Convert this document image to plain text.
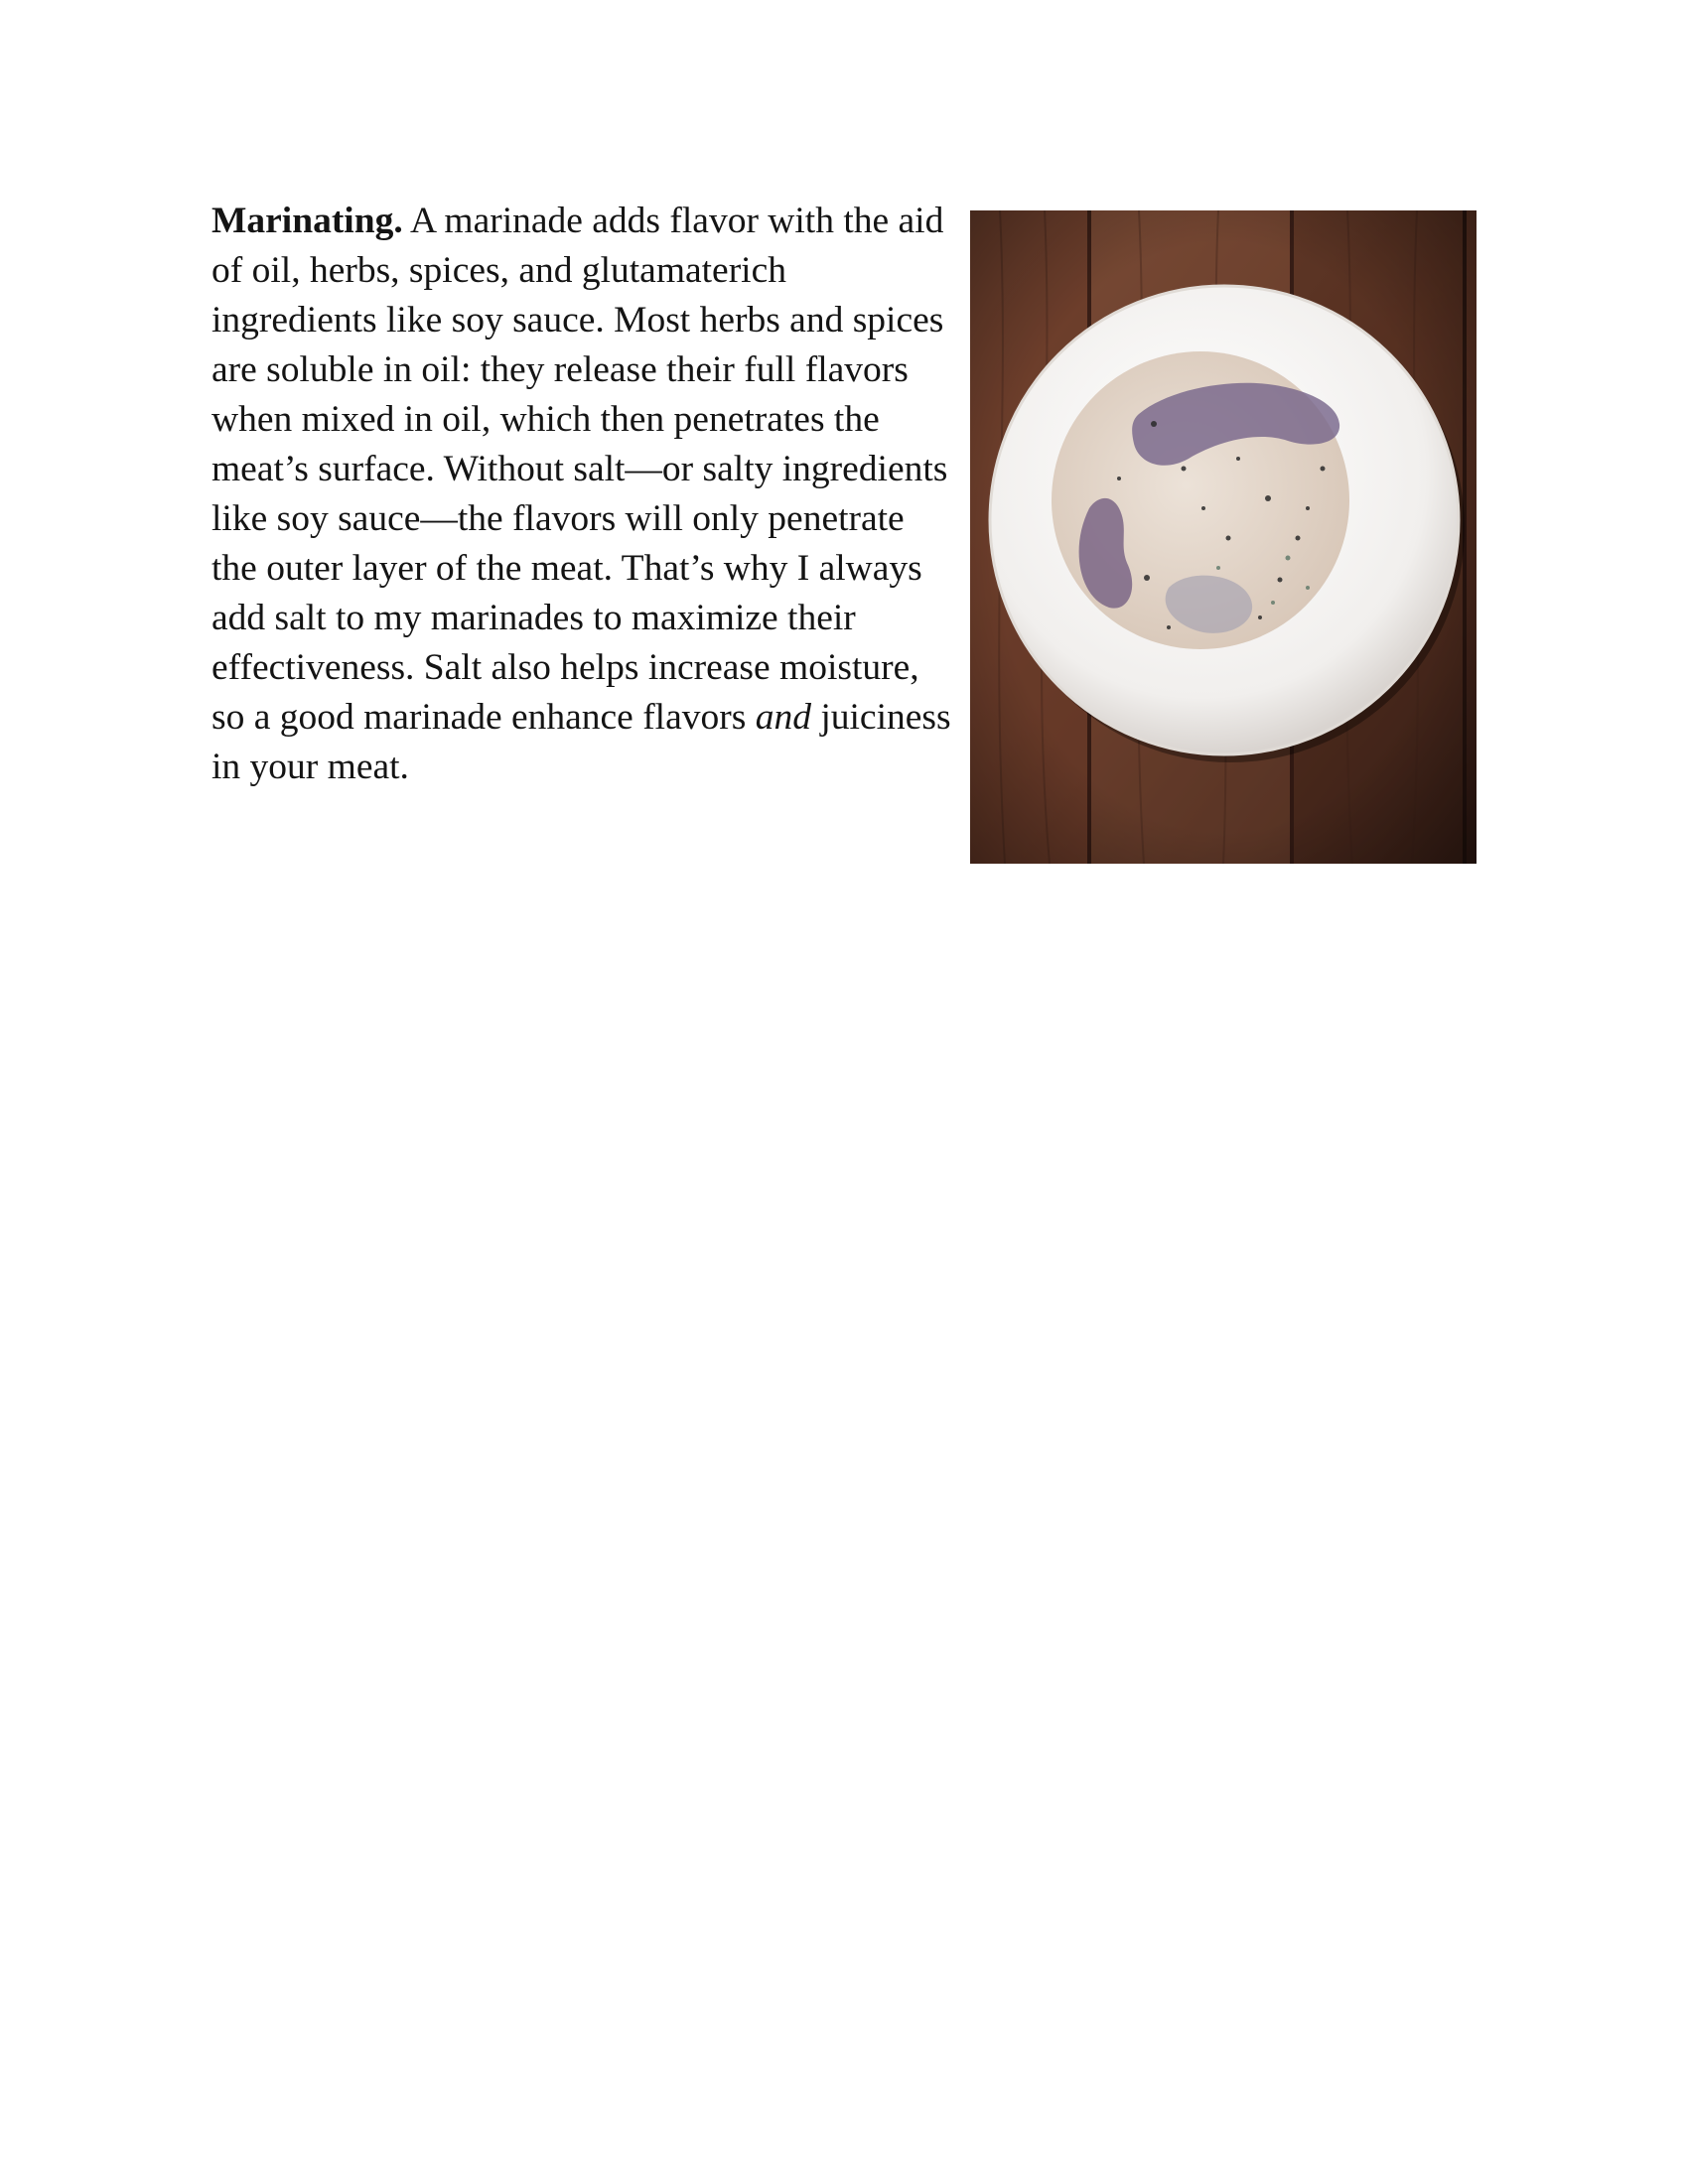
Marinating. A marinade adds flavor with the aid of oil, herbs, spices, and glutamaterich ingredients like soy sauce. Most herbs and spices are soluble in oil: they release their full flavors when mixed in oil, which then penetrates the meat’s surface. Without salt—or salty ingredients like soy sauce—the flavors will only penetrate the outer layer of the meat. That’s why I always add salt to my marinades to maximize their effectiveness. Salt also helps increase moisture, so a good marinade enhance flavors and juiciness in your meat.
